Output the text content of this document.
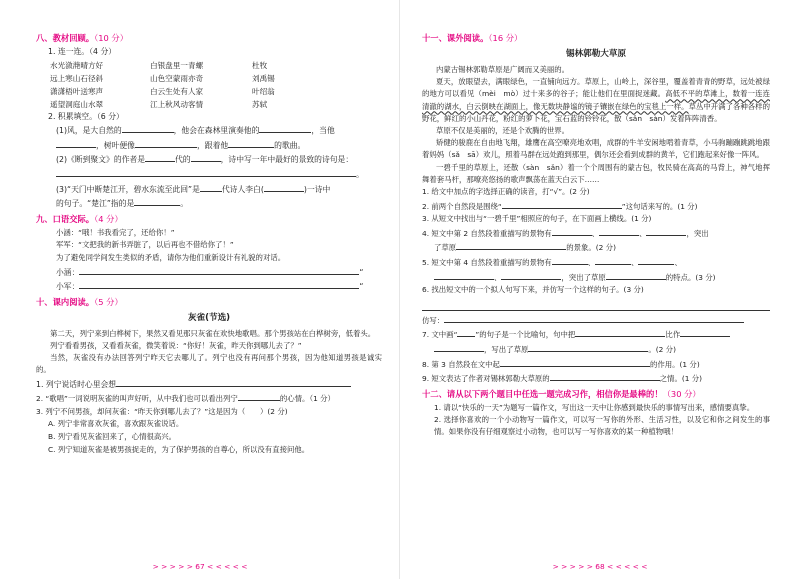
八、教材回顾。（10 分）

1. 连一连。（4 分）

水光潋滟晴方好	白银盘里一青螺	杜牧
远上寒山石径斜	山色空蒙雨亦奇	刘禹锡
潇潇梧叶送寒声	白云生处有人家	叶绍翁
遥望洞庭山水翠	江上秋风动客情	苏轼

2. 积累填空。（6 分）

(1)风，是大自然的	，他会在森林里演奏他的	，当他

，树叶便像	，跟着他	的歌曲。

(2)《断到聚文》的作者是	代的	，诗中写一年中最好的景致的诗句是：

。

(3)“天门中断楚江开，碧水东流至此回”是	代诗人李白(	)一诗中

的句子。“楚江”指的是	。

九、口语交际。（4 分）

小涵：“哦！书我看完了，还给你！”

军军：“文把我的新书弄脏了，以后再也不借给你了！”

为了避免同学间发生类似的矛盾，请你为他们重新设计有礼貌的对话。

小涵：	“

小军：	“

十、课内阅读。（5 分）
灰雀(节选)

第二天，列宁来到白桦树下，果然又看见那只灰雀在欢快地歌唱。那个男孩站在白桦树旁，低着头。

列宁看看男孩，又看看灰雀，微笑着说：“你好！灰雀，昨天你到哪儿去了？”

当然，灰雀没有办法回答列宁昨天它去哪儿了。列宁也没有再问那个男孩，因为他知道男孩是诚实的。

1. 列宁说话时心里会想

2. “歌唱”一词说明灰雀的叫声好听，从中我们也可以看出列宁	的心情。（1 分）

3. 列宁不问男孩，却问灰雀：“昨天你到哪儿去了？”这是因为（　　）(2 分)

A. 列宁非常喜欢灰雀，喜欢跟灰雀说话。

B. 列宁看见灰雀回来了，心情很高兴。

C. 列宁知道灰雀是被男孩捉走的，为了保护男孩的自尊心，所以没有直接问他。

> > > > > 67 < < < < <
十一、课外阅读。（16 分）
锡林郭勒大草原

内蒙古锡林郭勒草原是广阔而又美丽的。

夏天，放眼望去，满眼绿色，一直铺向远方。草原上，山岭上，深谷里，覆盖着青青的野草，远处被绿的地方可以看见（mèi　mò）过十来多的谷子；能让他们在里面捉迷藏。高低不平的草滩上，数着一连连清澈的湖水，白云倒映在湖面上，像无数块静谧的镜子镶嵌在绿色的宝毯上一样。草丛中开满了各种各样的野花，鲜红的小山丹花，粉红的萝卜花，宝石蓝的铃铃花，散（sǎn　sàn）发着阵阵清香。

草原不仅是美丽的，还是个欢腾的世界。

矫健的骏鹿在自由地飞翔，雄鹰在高空嘹亮地欢唱，成群的牛羊安闲地啃着青草，小马驹蹦蹦跳跳地跟着妈妈（sǎ　sā）欢儿，照着马群在远处跑到那里，偶尔还会看到成群的黄羊，它们跑起来好像一阵风。

一碧千里的草原上，还散（sàn　sǎn）着一个个周围有的蒙古包，牧民骑在高高的马背上，神气地挥舞着套马杆，那嘹亮悠扬的歌声飘荡在蓝天白云下……

1. 给文中加点的字选择正确的读音，打“√”。(2 分)

2. 前两个自然段是围绕“	”这句话来写的。(1 分)

3. 从短文中找出与“一碧千里”相照应的句子，在下面画上横线。(1 分)

4. 短文中第 2 自然段着重描写的景物有	、	、	，突出

了草原	的景象。(2 分)

5. 短文中第 4 自然段着重描写的景物有	、	、	、

、	，突出了草原	的特点。(3 分)

6. 找出短文中的一个拟人句写下来，并仿写一个这样的句子。(3 分)

仿写：

7. 文中画“ ”的句子是一个比喻句，句中把	比作

，写出了草原	。(2 分)

8. 第 3 自然段在文中起	的作用。(1 分)

9. 短文表达了作者对锡林郭勒大草原的	之情。(1 分)

十二、请从以下两个题目中任选一题完成习作，相信你是最棒的！（30 分）

1. 请以“快乐的一天”为题写一篇作文，写出这一天中让你感到最快乐的事情写出来，感情要真挚。

2. 选择你喜欢的一个小动物写一篇作文，可以写一写你的外形、生活习性，以及它和你之间发生的事情。如果你没有仔细观察过小动物，也可以写一写你喜欢的某一种植物哦！

> > > > > 68 < < < < <
